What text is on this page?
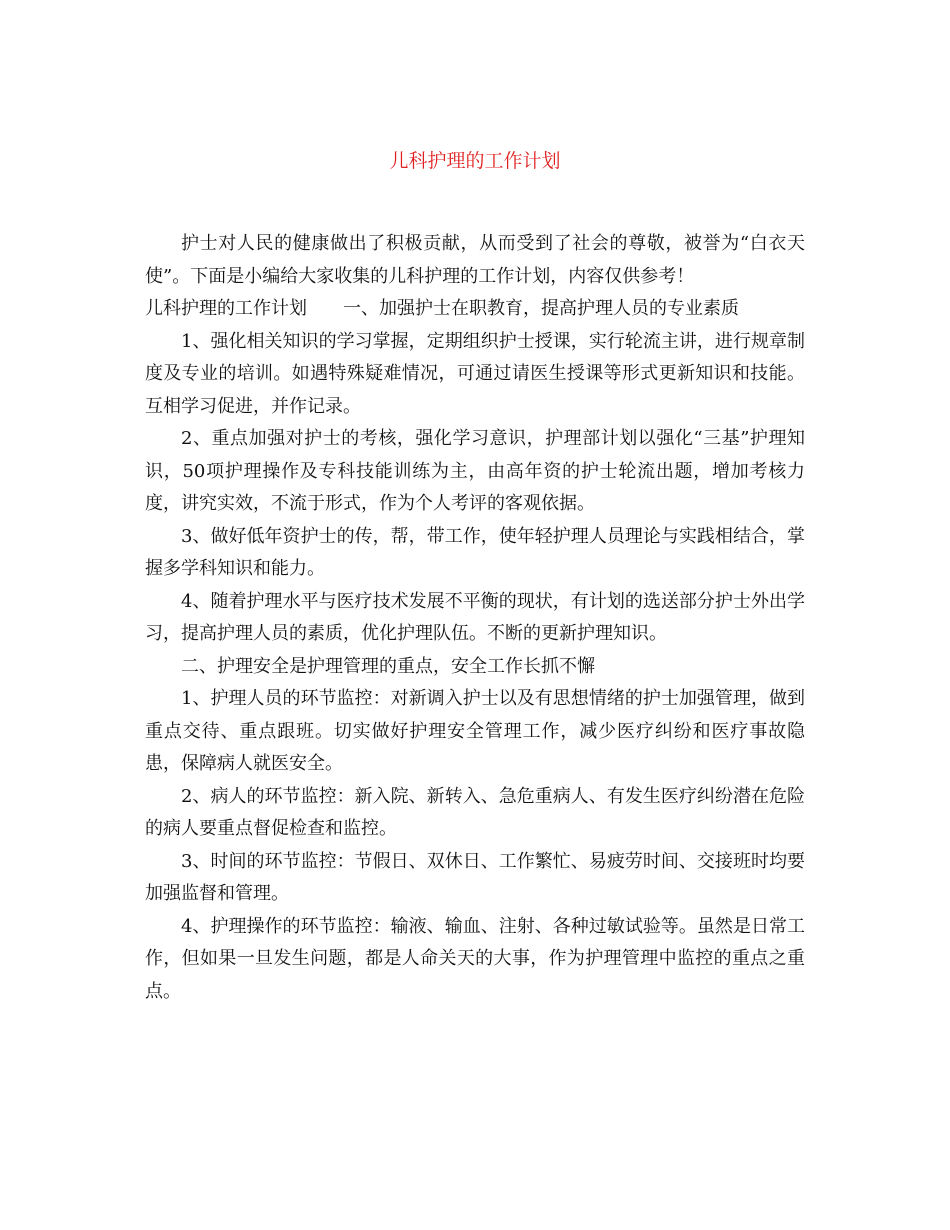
儿科护理的工作计划

护士对人民的健康做出了积极贡献，从而受到了社会的尊敬，被誉为“白衣天使”。下面是小编给大家收集的儿科护理的工作计划，内容仅供参考！

儿科护理的工作计划　　一、加强护士在职教育，提高护理人员的专业素质

1、强化相关知识的学习掌握，定期组织护士授课，实行轮流主讲，进行规章制度及专业的培训。如遇特殊疑难情况，可通过请医生授课等形式更新知识和技能。互相学习促进，并作记录。

2、重点加强对护士的考核，强化学习意识，护理部计划以强化“三基”护理知识，50项护理操作及专科技能训练为主，由高年资的护士轮流出题，增加考核力度，讲究实效，不流于形式，作为个人考评的客观依据。

3、做好低年资护士的传，帮，带工作，使年轻护理人员理论与实践相结合，掌握多学科知识和能力。

4、随着护理水平与医疗技术发展不平衡的现状，有计划的选送部分护士外出学习，提高护理人员的素质，优化护理队伍。不断的更新护理知识。

二、护理安全是护理管理的重点，安全工作长抓不懈

1、护理人员的环节监控：对新调入护士以及有思想情绪的护士加强管理，做到重点交待、重点跟班。切实做好护理安全管理工作，减少医疗纠纷和医疗事故隐患，保障病人就医安全。

2、病人的环节监控：新入院、新转入、急危重病人、有发生医疗纠纷潜在危险的病人要重点督促检查和监控。

3、时间的环节监控：节假日、双休日、工作繁忙、易疲劳时间、交接班时均要加强监督和管理。

4、护理操作的环节监控：输液、输血、注射、各种过敏试验等。虽然是日常工作，但如果一旦发生问题，都是人命关天的大事，作为护理管理中监控的重点之重点。
